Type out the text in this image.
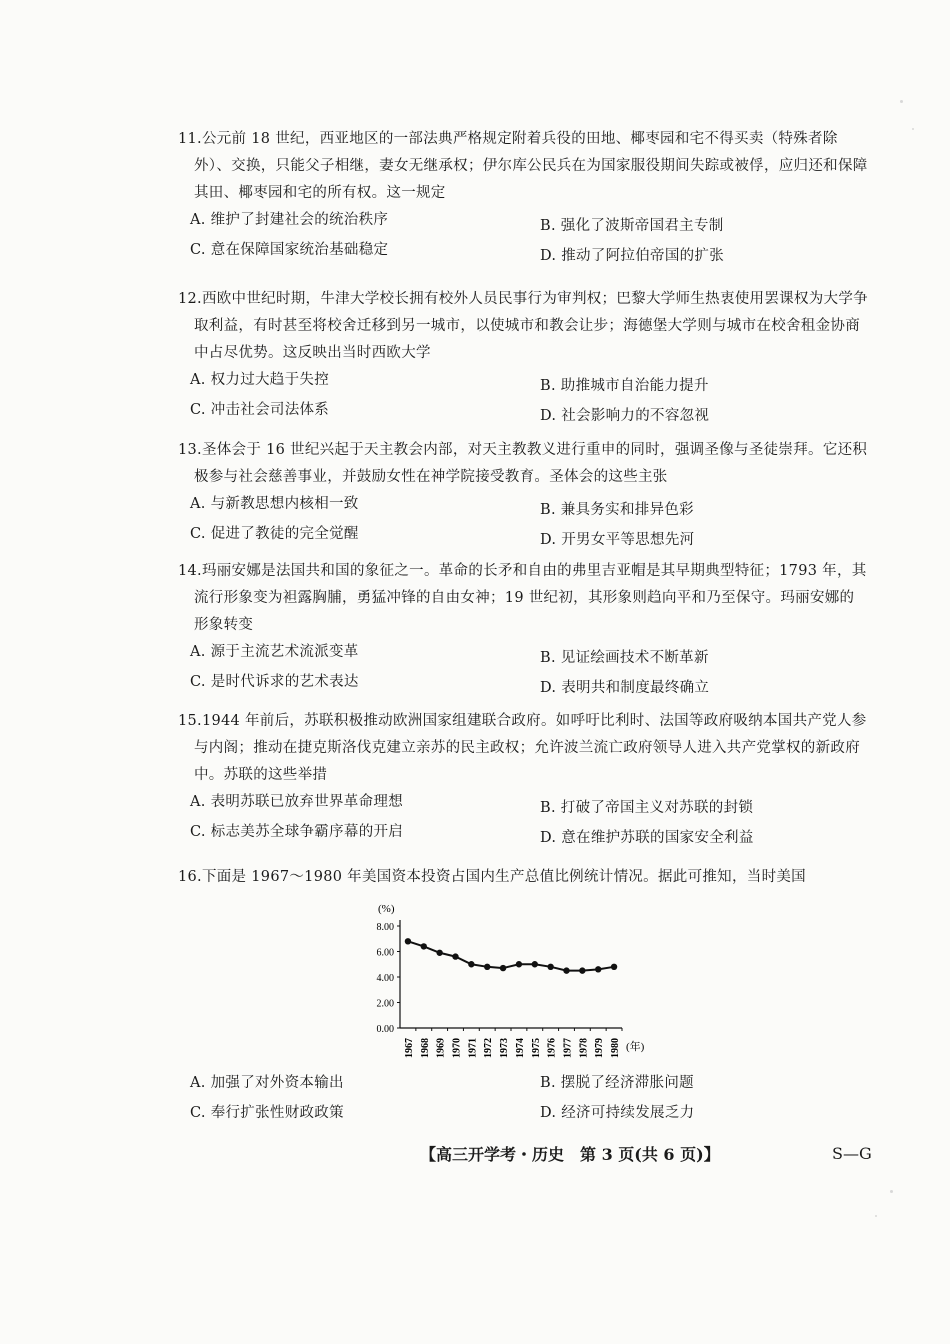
11.公元前 18 世纪，西亚地区的一部法典严格规定附着兵役的田地、椰枣园和宅不得买卖（特殊者除外）、交换，只能父子相继，妻女无继承权；伊尔库公民兵在为国家服役期间失踪或被俘，应归还和保障其田、椰枣园和宅的所有权。这一规定
A. 维护了封建社会的统治秩序	B. 强化了波斯帝国君主专制
C. 意在保障国家统治基础稳定	D. 推动了阿拉伯帝国的扩张
12.西欧中世纪时期，牛津大学校长拥有校外人员民事行为审判权；巴黎大学师生热衷使用罢课权为大学争取利益，有时甚至将校舍迁移到另一城市，以使城市和教会让步；海德堡大学则与城市在校舍租金协商中占尽优势。这反映出当时西欧大学
A. 权力过大趋于失控	B. 助推城市自治能力提升
C. 冲击社会司法体系	D. 社会影响力的不容忽视
13.圣体会于 16 世纪兴起于天主教会内部，对天主教教义进行重申的同时，强调圣像与圣徒崇拜。它还积极参与社会慈善事业，并鼓励女性在神学院接受教育。圣体会的这些主张
A. 与新教思想内核相一致	B. 兼具务实和排异色彩
C. 促进了教徒的完全觉醒	D. 开男女平等思想先河
14.玛丽安娜是法国共和国的象征之一。革命的长矛和自由的弗里吉亚帽是其早期典型特征；1793 年，其流行形象变为袒露胸脯，勇猛冲锋的自由女神；19 世纪初，其形象则趋向平和乃至保守。玛丽安娜的形象转变
A. 源于主流艺术流派变革	B. 见证绘画技术不断革新
C. 是时代诉求的艺术表达	D. 表明共和制度最终确立
15.1944 年前后，苏联积极推动欧洲国家组建联合政府。如呼吁比利时、法国等政府吸纳本国共产党人参与内阁；推动在捷克斯洛伐克建立亲苏的民主政权；允许波兰流亡政府领导人进入共产党掌权的新政府中。苏联的这些举措
A. 表明苏联已放弃世界革命理想	B. 打破了帝国主义对苏联的封锁
C. 标志美苏全球争霸序幕的开启	D. 意在维护苏联的国家安全利益
16.下面是 1967～1980 年美国资本投资占国内生产总值比例统计情况。据此可推知，当时美国
(%)
(年)
0.00
2.00
4.00
6.00
8.00
1967 1968 1969 1970 1971 1972 1973 1974 1975 1976 1977 1978 1979 1980
A. 加强了对外资本输出	B. 摆脱了经济滞胀问题
C. 奉行扩张性财政政策	D. 经济可持续发展乏力
【高三开学考・历史　第 3 页(共 6 页)】	S—G
